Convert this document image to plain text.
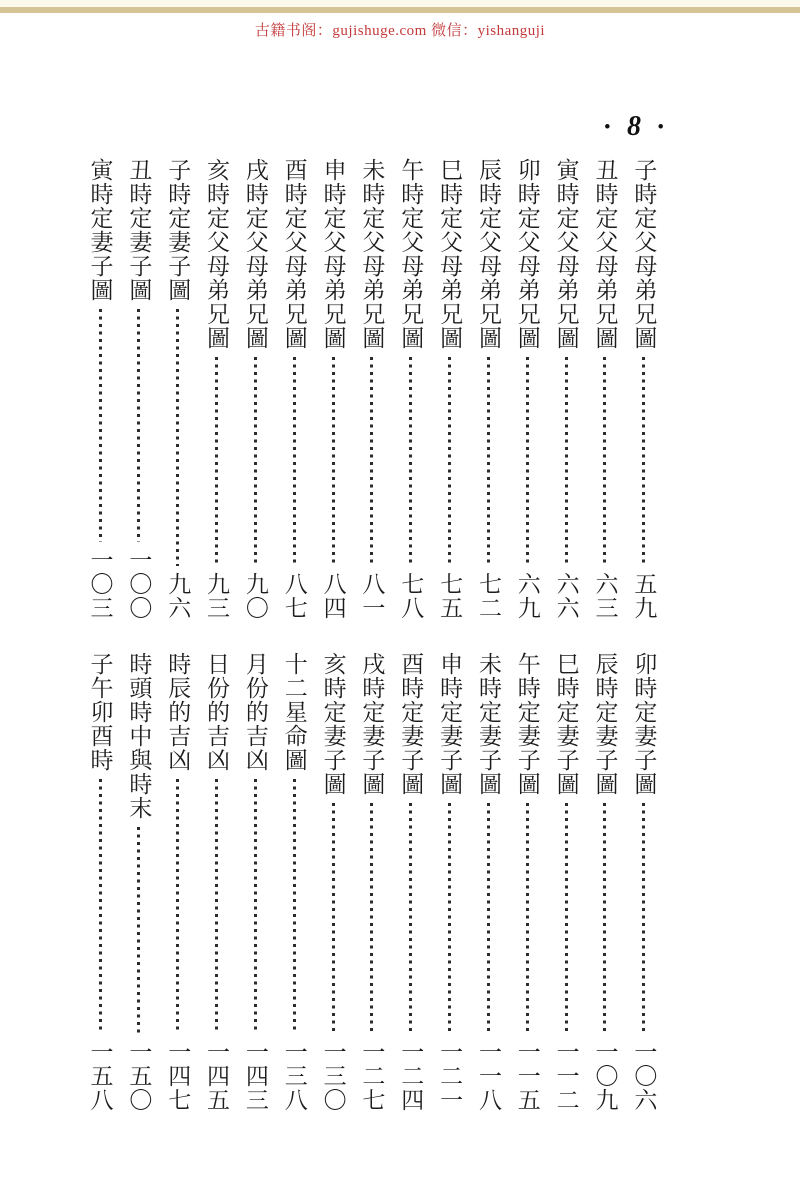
古籍书阁：gujishuge.com 微信：yishanguji
• 8 •
子時定父母弟兄圖
五九
丑時定父母弟兄圖
六三
寅時定父母弟兄圖
六六
卯時定父母弟兄圖
六九
辰時定父母弟兄圖
七二
巳時定父母弟兄圖
七五
午時定父母弟兄圖
七八
未時定父母弟兄圖
八一
申時定父母弟兄圖
八四
酉時定父母弟兄圖
八七
戌時定父母弟兄圖
九〇
亥時定父母弟兄圖
九三
子時定妻子圖
九六
丑時定妻子圖
一〇〇
寅時定妻子圖
一〇三
卯時定妻子圖
一〇六
辰時定妻子圖
一〇九
巳時定妻子圖
一一二
午時定妻子圖
一一五
未時定妻子圖
一一八
申時定妻子圖
一二一
酉時定妻子圖
一二四
戌時定妻子圖
一二七
亥時定妻子圖
一三〇
十二星命圖
一三八
月份的吉凶
一四三
日份的吉凶
一四五
時辰的吉凶
一四七
時頭時中與時末
一五〇
子午卯酉時
一五八
